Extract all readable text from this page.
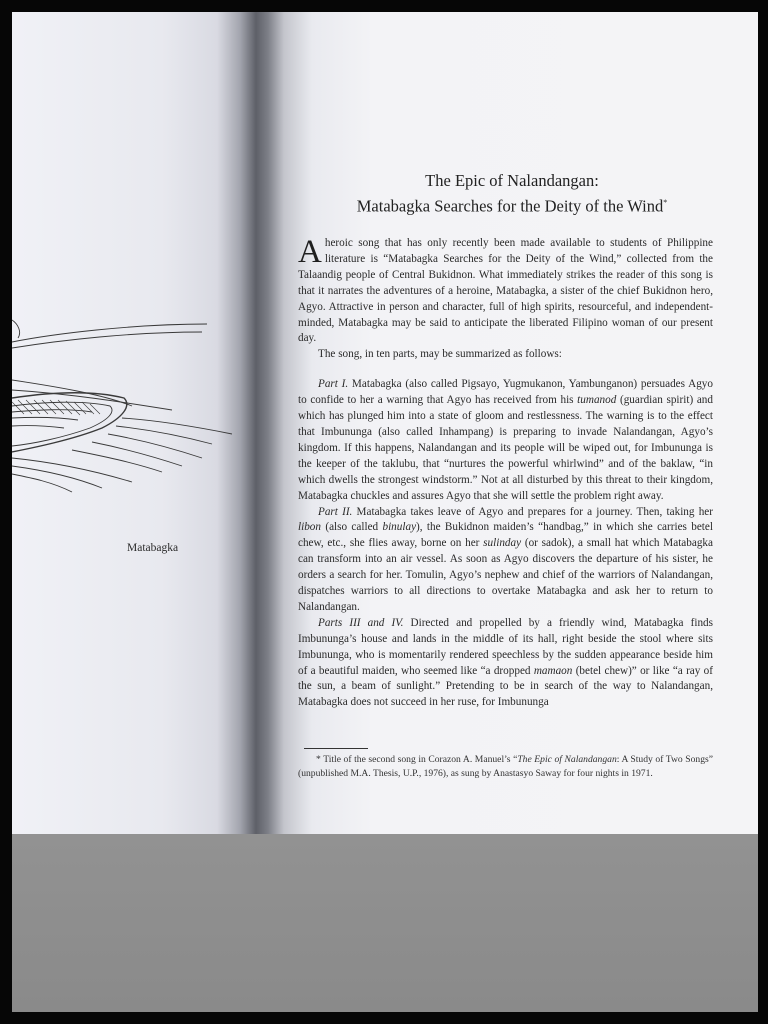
Matabagka
The Epic of Nalandangan:
Matabagka Searches for the Deity of the Wind*

Aheroic song that has only recently been made available to students of Philippine literature is “Matabagka Searches for the Deity of the Wind,” collected from the Talaandig people of Central Bukidnon. What immediately strikes the reader of this song is that it narrates the adventures of a heroine, Matabagka, a sister of the chief Bukidnon hero, Agyo. Attractive in person and character, full of high spirits, resourceful, and independent-minded, Matabagka may be said to anticipate the liberated Filipino woman of our present day.

The song, in ten parts, may be summarized as follows:

Part I. Matabagka (also called Pigsayo, Yugmukanon, Yambunganon) persuades Agyo to confide to her a warning that Agyo has received from his tumanod (guardian spirit) and which has plunged him into a state of gloom and restlessness. The warning is to the effect that Imbununga (also called Inhampang) is preparing to invade Nalandangan, Agyo’s kingdom. If this happens, Nalandangan and its people will be wiped out, for Imbununga is the keeper of the taklubu, that “nurtures the powerful whirlwind” and of the baklaw, “in which dwells the strongest windstorm.” Not at all disturbed by this threat to their kingdom, Matabagka chuckles and assures Agyo that she will settle the problem right away.

Part II. Matabagka takes leave of Agyo and prepares for a journey. Then, taking her libon (also called binulay), the Bukidnon maiden’s “handbag,” in which she carries betel chew, etc., she flies away, borne on her sulinday (or sadok), a small hat which Matabagka can transform into an air vessel. As soon as Agyo discovers the departure of his sister, he orders a search for her. Tomulin, Agyo’s nephew and chief of the warriors of Nalandangan, dispatches warriors to all directions to overtake Matabagka and ask her to return to Nalandangan.

Parts III and IV. Directed and propelled by a friendly wind, Matabagka finds Imbununga’s house and lands in the middle of its hall, right beside the stool where sits Imbununga, who is momentarily rendered speechless by the sudden appearance beside him of a beautiful maiden, who seemed like “a dropped mamaon (betel chew)” or like “a ray of the sun, a beam of sunlight.” Pretending to be in search of the way to Nalandangan, Matabagka does not succeed in her ruse, for Imbununga

* Title of the second song in Corazon A. Manuel’s “The Epic of Nalandangan: A Study of Two Songs” (unpublished M.A. Thesis, U.P., 1976), as sung by Anastasyo Saway for four nights in 1971.
